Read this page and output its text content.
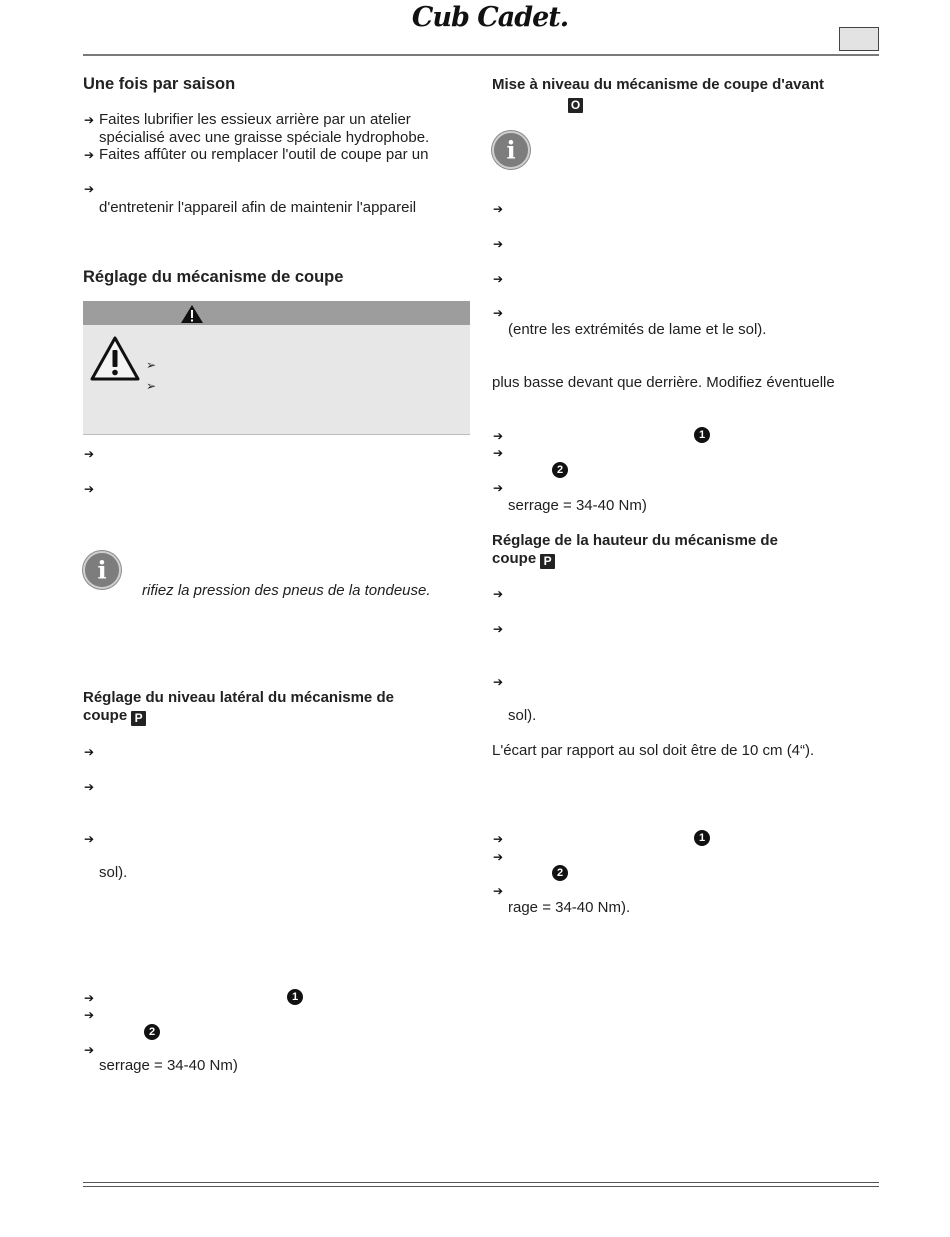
Cub Cadet.
Une fois par saison
➔ Faites lubrifier les essieux arrière par un atelier
spécialisé avec une graisse spéciale hydrophobe.
➔ Faites affûter ou remplacer l'outil de coupe par un
➔
d'entretenir l'appareil afin de maintenir l'appareil
Réglage du mécanisme de coupe
➢
➢
➔
➔
i
rifiez la pression des pneus de la tondeuse.
Réglage du niveau latéral du mécanisme de
coupe P
➔
➔
➔
sol).
➔	1
➔
2
➔
serrage = 34-40 Nm)
Mise à niveau du mécanisme de coupe d'avant
O
i
➔
➔
➔
➔
(entre les extrémités de lame et le sol).
plus basse devant que derrière. Modifiez éventuelle
➔	1
➔
2
➔
serrage = 34-40 Nm)
Réglage de la hauteur du mécanisme de
coupe P
➔
➔
➔
sol).
L'écart par rapport au sol doit être de 10 cm (4“).
➔	1
➔
2
➔
rage = 34-40 Nm).
